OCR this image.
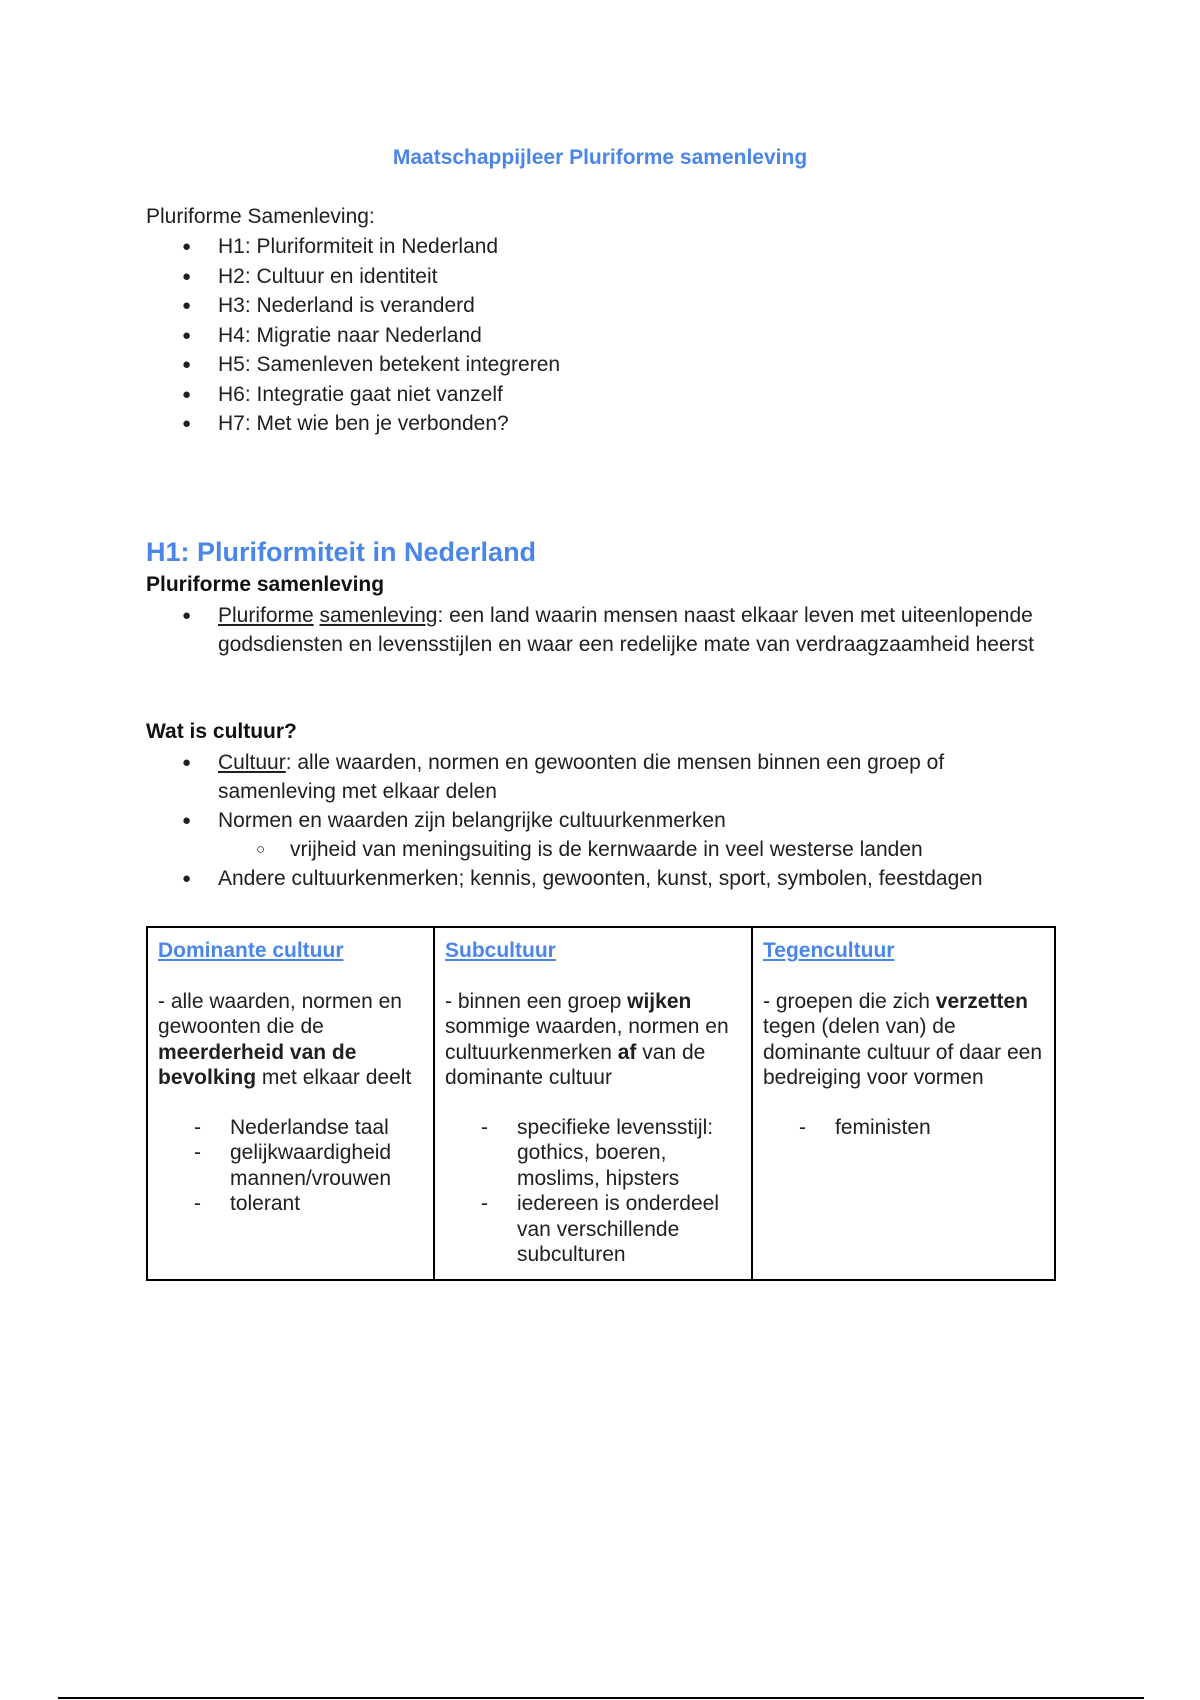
Maatschappijleer Pluriforme samenleving
Pluriforme Samenleving:
● H1: Pluriformiteit in Nederland
● H2: Cultuur en identiteit
● H3: Nederland is veranderd
● H4: Migratie naar Nederland
● H5: Samenleven betekent integreren
● H6: Integratie gaat niet vanzelf
● H7: Met wie ben je verbonden?
H1: Pluriformiteit in Nederland
Pluriforme samenleving
● Pluriforme samenleving: een land waarin mensen naast elkaar leven met uiteenlopende godsdiensten en levensstijlen en waar een redelijke mate van verdraagzaamheid heerst
Wat is cultuur?
● Cultuur: alle waarden, normen en gewoonten die mensen binnen een groep of samenleving met elkaar delen
● Normen en waarden zijn belangrijke cultuurkenmerken
○ vrijheid van meningsuiting is de kernwaarde in veel westerse landen
● Andere cultuurkenmerken; kennis, gewoonten, kunst, sport, symbolen, feestdagen
Dominante cultuur
- alle waarden, normen en gewoonten die de meerderheid van de bevolking met elkaar deelt
- Nederlandse taal
- gelijkwaardigheid mannen/vrouwen
- tolerant

Subcultuur
- binnen een groep wijken sommige waarden, normen en cultuurkenmerken af van de dominante cultuur
- specifieke levensstijl: gothics, boeren, moslims, hipsters
- iedereen is onderdeel van verschillende subculturen

Tegencultuur
- groepen die zich verzetten tegen (delen van) de dominante cultuur of daar een bedreiging voor vormen
- feministen
